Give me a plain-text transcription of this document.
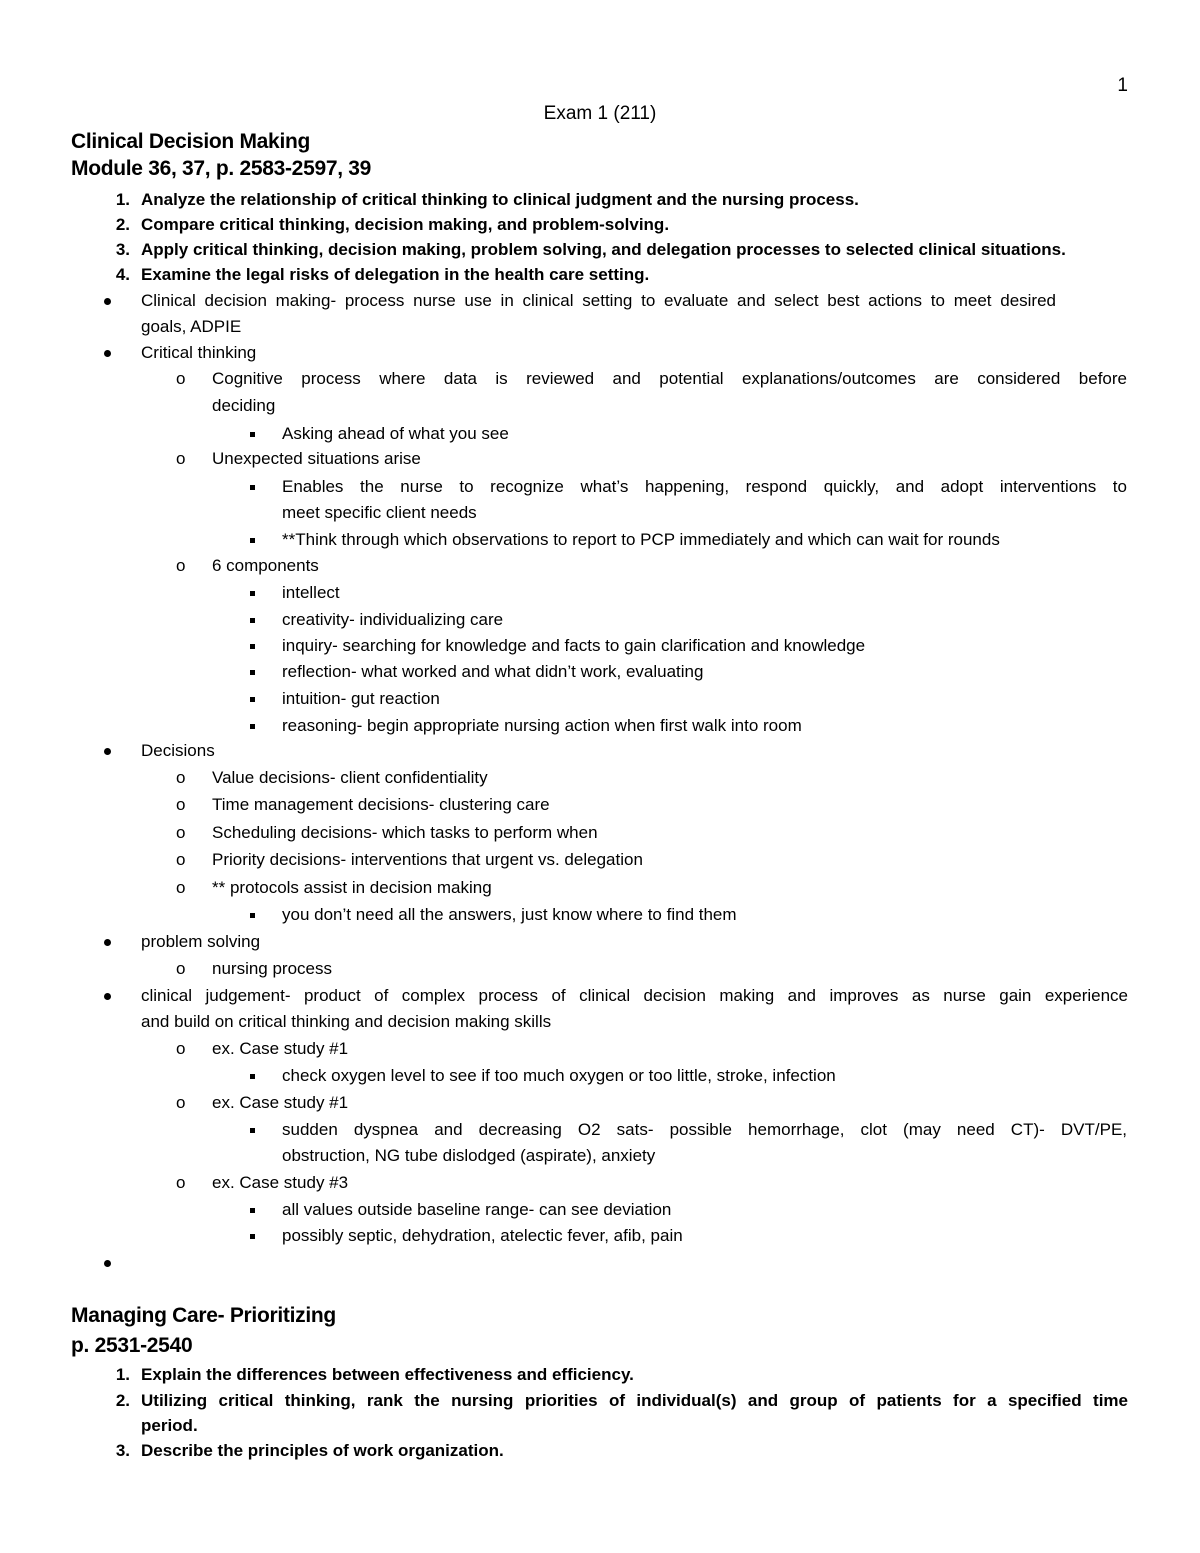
1
Exam 1 (211)
Clinical Decision Making
Module 36, 37, p. 2583-2597, 39
1. Analyze the relationship of critical thinking to clinical judgment and the nursing process.
2. Compare critical thinking, decision making, and problem-solving.
3. Apply critical thinking, decision making, problem solving, and delegation processes to selected clinical situations.
4. Examine the legal risks of delegation in the health care setting.
Clinical decision making- process nurse use in clinical setting to evaluate and select best actions to meet desired
goals, ADPIE
Critical thinking
o Cognitive process where data is reviewed and potential explanations/outcomes are considered before
deciding
Asking ahead of what you see
o Unexpected situations arise
Enables the nurse to recognize what’s happening, respond quickly, and adopt interventions to
meet specific client needs
**Think through which observations to report to PCP immediately and which can wait for rounds
o 6 components
intellect
creativity- individualizing care
inquiry- searching for knowledge and facts to gain clarification and knowledge
reflection- what worked and what didn’t work, evaluating
intuition- gut reaction
reasoning- begin appropriate nursing action when first walk into room
Decisions
o Value decisions- client confidentiality
o Time management decisions- clustering care
o Scheduling decisions- which tasks to perform when
o Priority decisions- interventions that urgent vs. delegation
o ** protocols assist in decision making
you don’t need all the answers, just know where to find them
problem solving
o nursing process
clinical judgement- product of complex process of clinical decision making and improves as nurse gain experience
and build on critical thinking and decision making skills
o ex. Case study #1
check oxygen level to see if too much oxygen or too little, stroke, infection
o ex. Case study #1
sudden dyspnea and decreasing O2 sats- possible hemorrhage, clot (may need CT)- DVT/PE,
obstruction, NG tube dislodged (aspirate), anxiety
o ex. Case study #3
all values outside baseline range- can see deviation
possibly septic, dehydration, atelectic fever, afib, pain
Managing Care- Prioritizing
p. 2531-2540
1. Explain the differences between effectiveness and efficiency.
2. Utilizing critical thinking, rank the nursing priorities of individual(s) and group of patients for a specified time
period.
3. Describe the principles of work organization.
